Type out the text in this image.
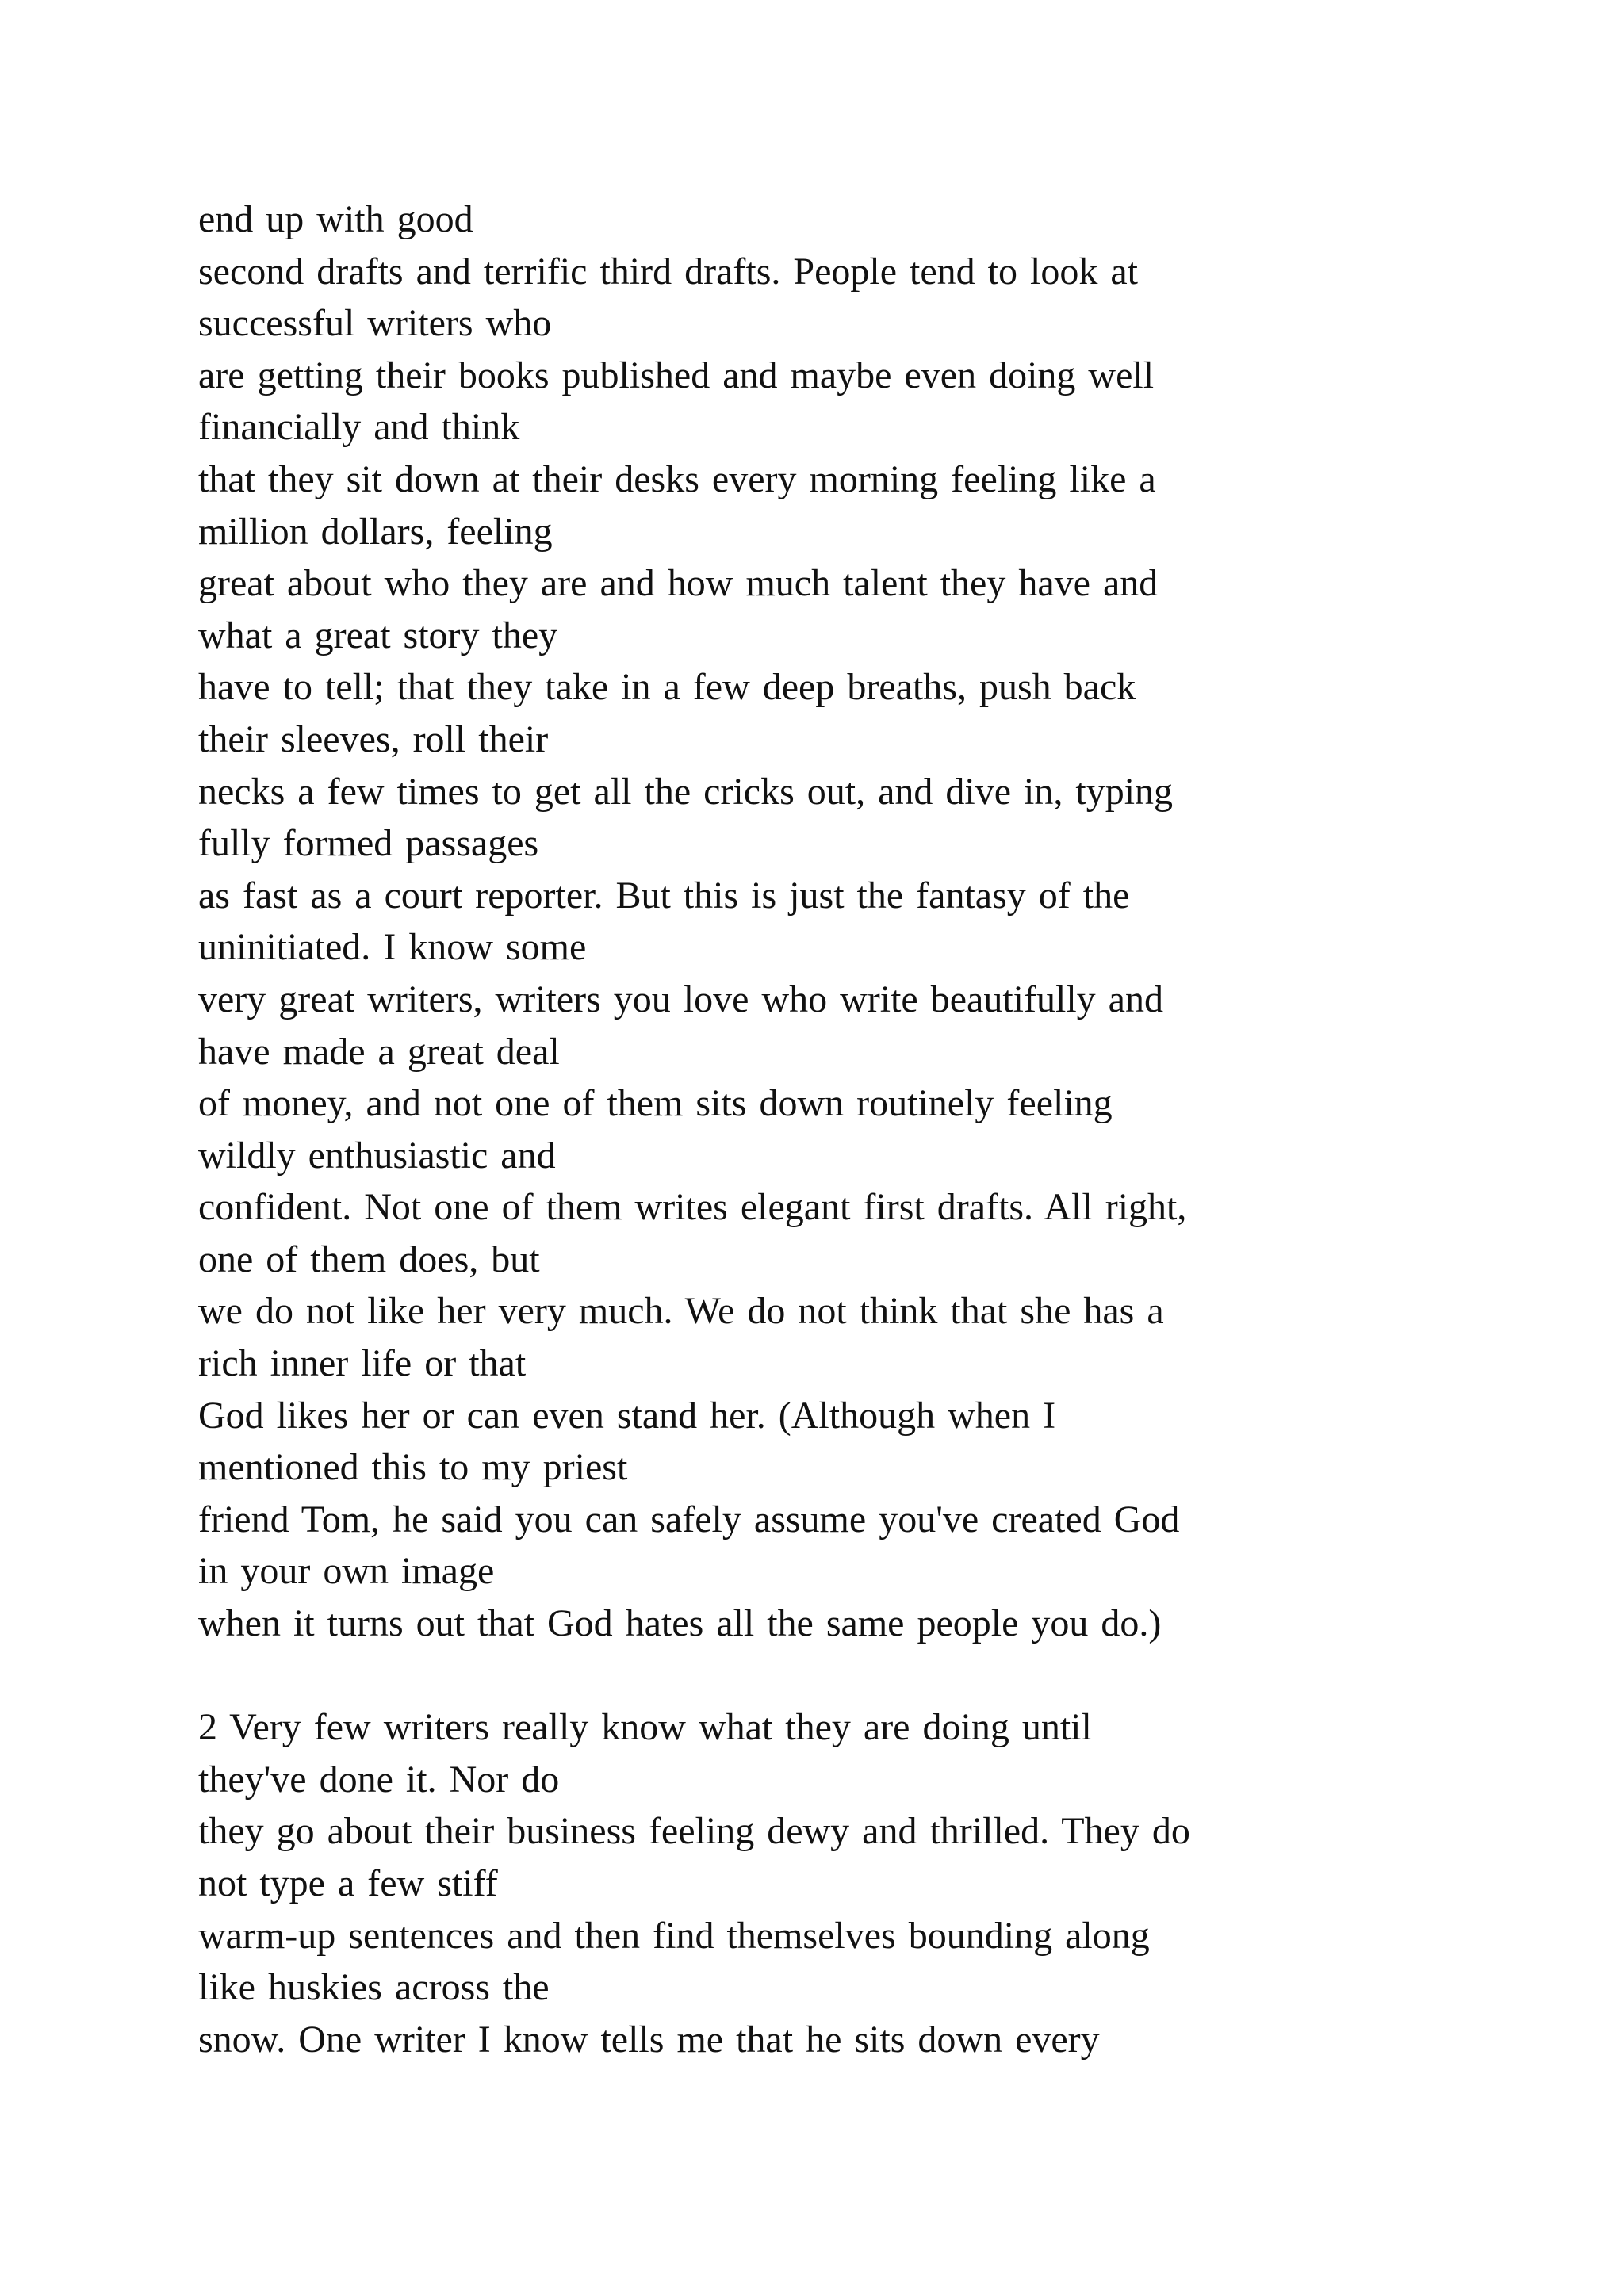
end up with good
second drafts and terrific third drafts. People tend to look at
successful writers who
are getting their books published and maybe even doing well
financially and think
that they sit down at their desks every morning feeling like a
million dollars, feeling
great about who they are and how much talent they have and
what a great story they
have to tell; that they take in a few deep breaths, push back
their sleeves, roll their
necks a few times to get all the cricks out, and dive in, typing
fully formed passages
as fast as a court reporter. But this is just the fantasy of the
uninitiated. I know some
very great writers, writers you love who write beautifully and
have made a great deal
of money, and not one of them sits down routinely feeling
wildly enthusiastic and
confident. Not one of them writes elegant first drafts. All right,
one of them does, but
we do not like her very much. We do not think that she has a
rich inner life or that
God likes her or can even stand her. (Although when I
mentioned this to my priest
friend Tom, he said you can safely assume you've created God
in your own image
when it turns out that God hates all the same people you do.)
2 Very few writers really know what they are doing until
they've done it. Nor do
they go about their business feeling dewy and thrilled. They do
not type a few stiff
warm-up sentences and then find themselves bounding along
like huskies across the
snow. One writer I know tells me that he sits down every
